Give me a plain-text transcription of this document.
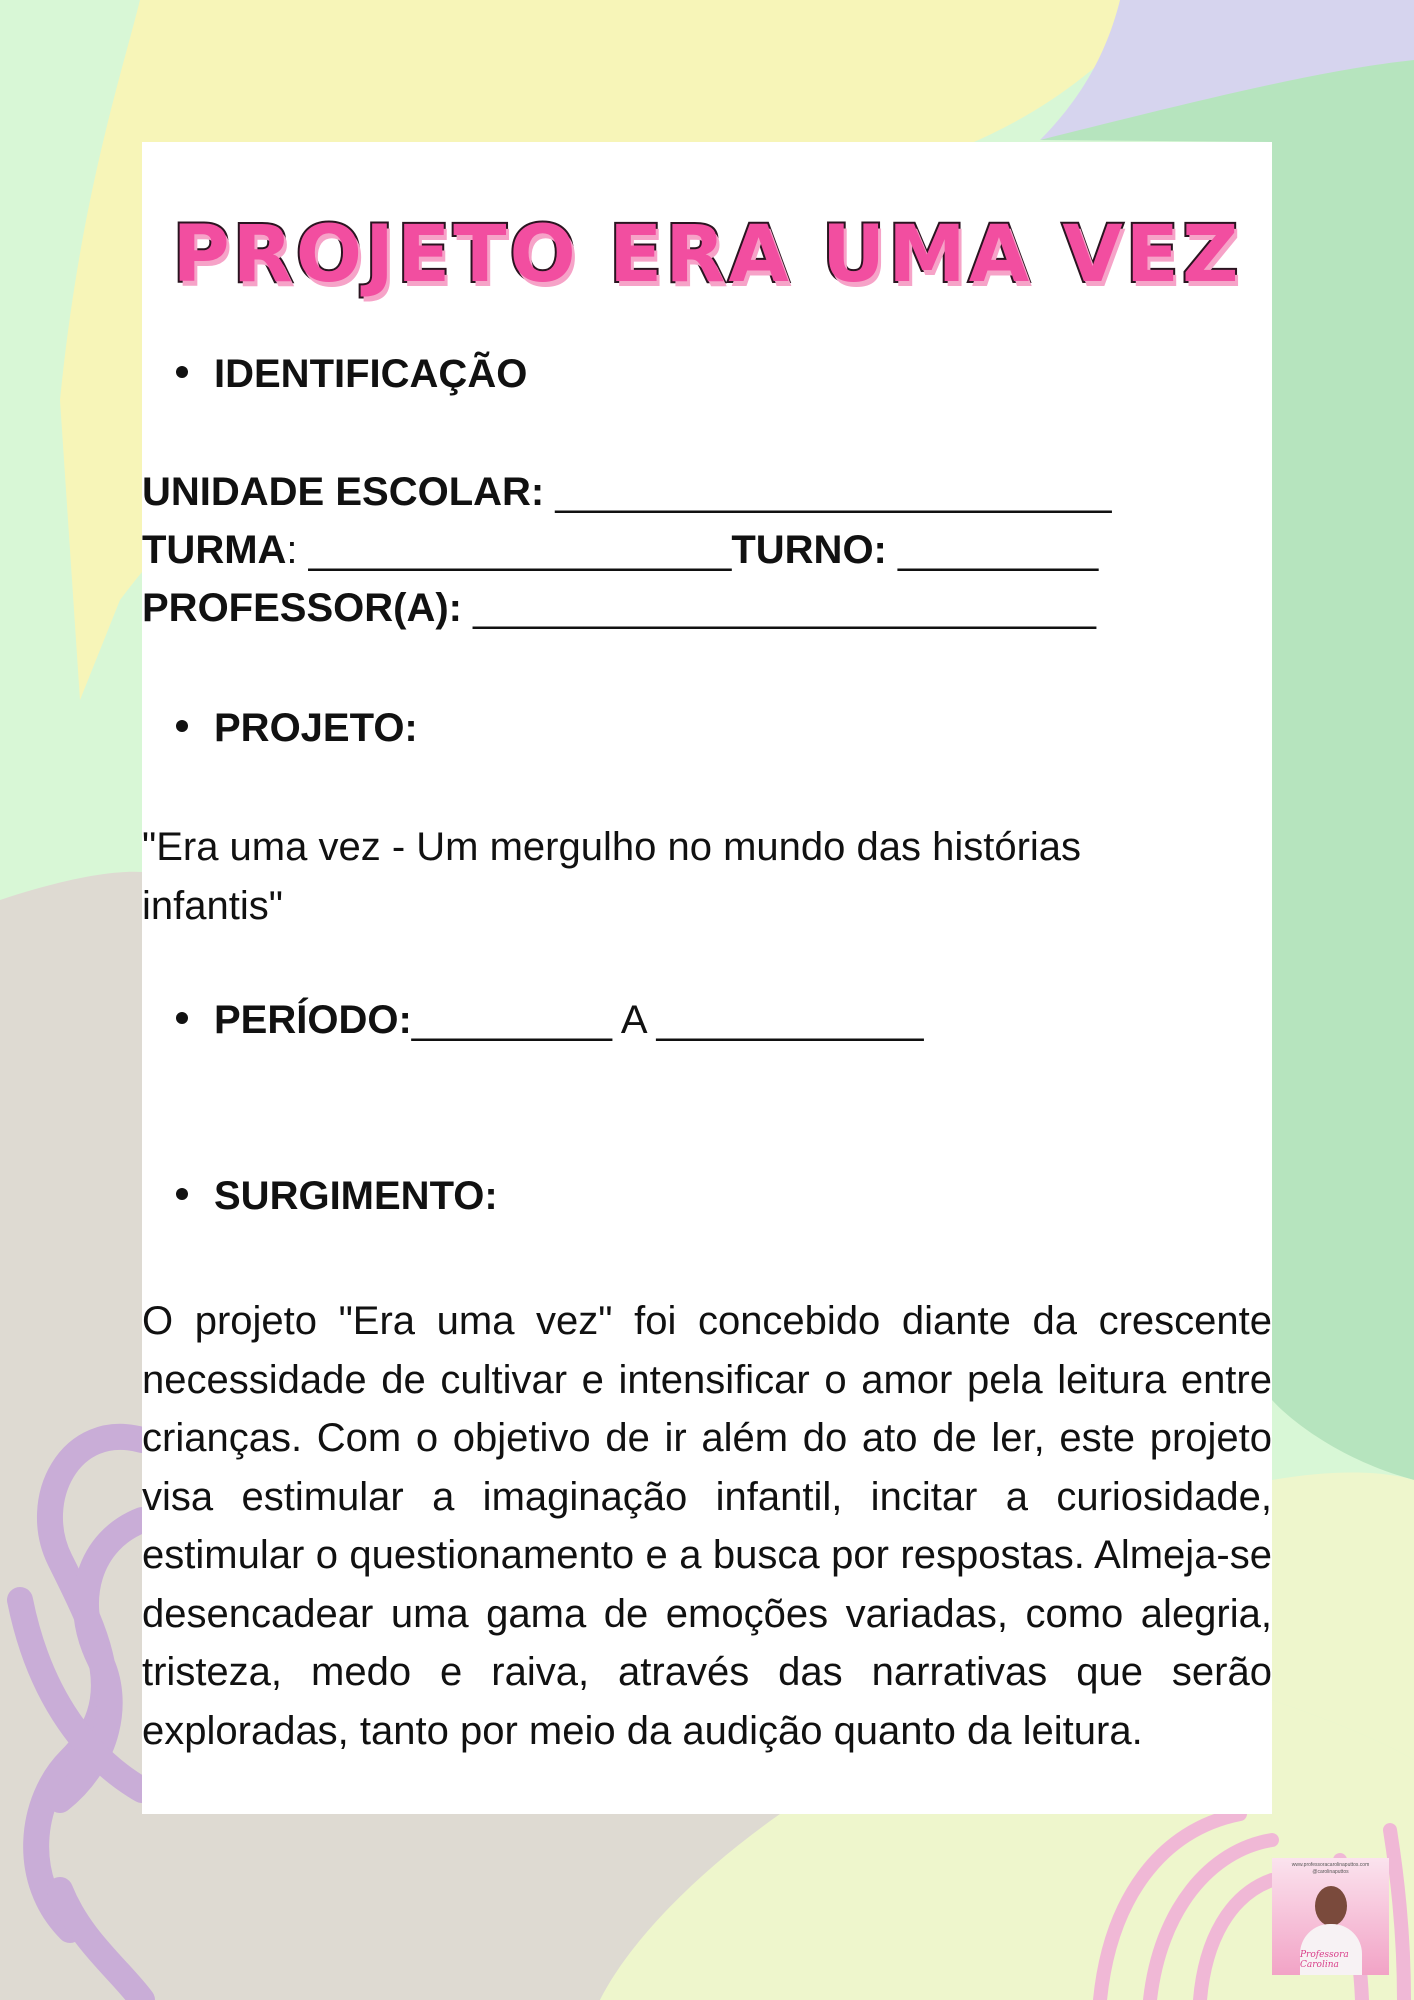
PROJETO ERA UMA VEZ
IDENTIFICAÇÃO
UNIDADE ESCOLAR: _________________________
TURMA: ___________________TURNO: _________
PROFESSOR(A): ____________________________
PROJETO:
"Era uma vez - Um mergulho no mundo das histórias infantis"
PERÍODO:_________ A ____________
SURGIMENTO:
O projeto "Era uma vez" foi concebido diante da crescente necessidade de cultivar e intensificar o amor pela leitura entre crianças. Com o objetivo de ir além do ato de ler, este projeto visa estimular a imaginação infantil, incitar a curiosidade, estimular o questionamento e a busca por respostas. Almeja-se desencadear uma gama de emoções variadas, como alegria, tristeza, medo e raiva, através das narrativas que serão exploradas, tanto por meio da audição quanto da leitura.
www.professoracarolinaputtos.com
@carolinaputtos
Professora Carolina
